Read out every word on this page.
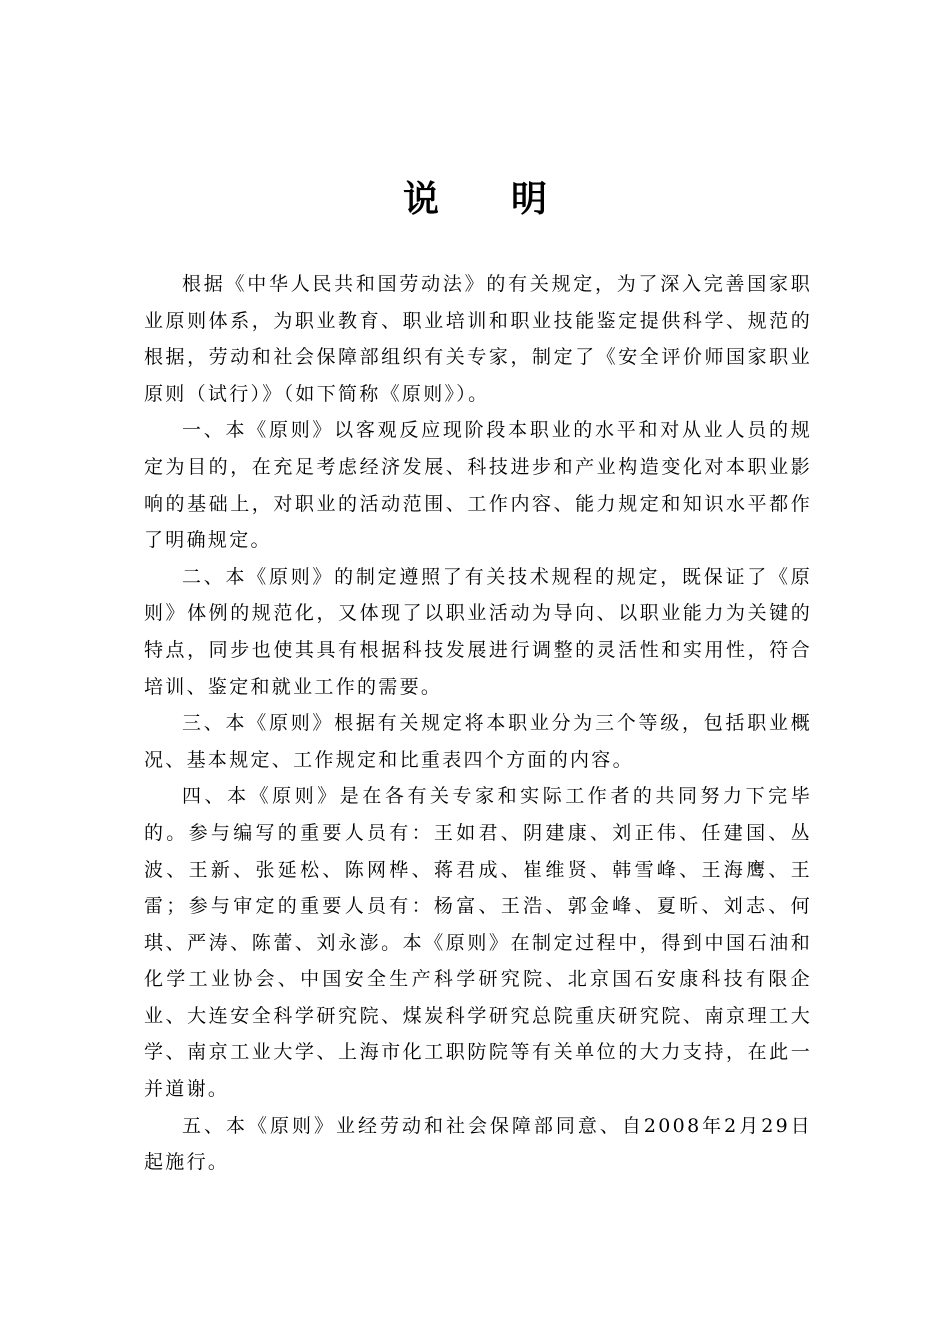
说 明

根据《中华人民共和国劳动法》的有关规定，为了深入完善国家职业原则体系，为职业教育、职业培训和职业技能鉴定提供科学、规范的根据，劳动和社会保障部组织有关专家，制定了《安全评价师国家职业原则（试行）》（如下简称《原则》）。

一、本《原则》以客观反应现阶段本职业的水平和对从业人员的规定为目的，在充足考虑经济发展、科技进步和产业构造变化对本职业影响的基础上，对职业的活动范围、工作内容、能力规定和知识水平都作了明确规定。

二、本《原则》的制定遵照了有关技术规程的规定，既保证了《原则》体例的规范化，又体现了以职业活动为导向、以职业能力为关键的特点，同步也使其具有根据科技发展进行调整的灵活性和实用性，符合培训、鉴定和就业工作的需要。

三、本《原则》根据有关规定将本职业分为三个等级，包括职业概况、基本规定、工作规定和比重表四个方面的内容。

四、本《原则》是在各有关专家和实际工作者的共同努力下完毕的。参与编写的重要人员有：王如君、阴建康、刘正伟、任建国、丛波、王新、张延松、陈网桦、蒋君成、崔维贤、韩雪峰、王海鹰、王雷；参与审定的重要人员有：杨富、王浩、郭金峰、夏昕、刘志、何琪、严涛、陈蕾、刘永澎。本《原则》在制定过程中，得到中国石油和化学工业协会、中国安全生产科学研究院、北京国石安康科技有限企业、大连安全科学研究院、煤炭科学研究总院重庆研究院、南京理工大学、南京工业大学、上海市化工职防院等有关单位的大力支持，在此一并道谢。

五、本《原则》业经劳动和社会保障部同意、自2008年2月29日起施行。
